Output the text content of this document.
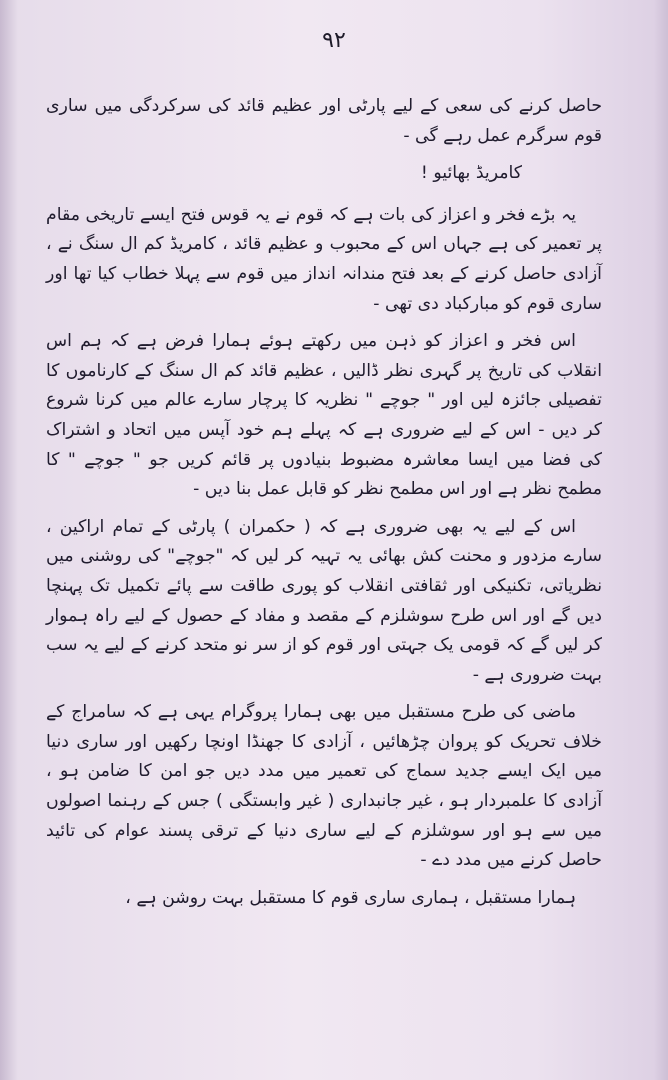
۹۲

حاصل کرنے کی سعی کے لیے پارٹی اور عظیم قائد کی سرکردگی میں ساری قوم سرگرم عمل رہے گی -

کامریڈ بھائیو !

یہ بڑے فخر و اعزاز کی بات ہے کہ قوم نے یہ قوس فتح ایسے تاریخی مقام پر تعمیر کی ہے جہاں اس کے محبوب و عظیم قائد ، کامریڈ کم ال سنگ نے ، آزادی حاصل کرنے کے بعد فتح مندانہ انداز میں قوم سے پہلا خطاب کیا تھا اور ساری قوم کو مبارکباد دی تھی -

اس فخر و اعزاز کو ذہن میں رکھتے ہوئے ہمارا فرض ہے کہ ہم اس انقلاب کی تاریخ پر گہری نظر ڈالیں ، عظیم قائد کم ال سنگ کے کارناموں کا تفصیلی جائزہ لیں اور " جوچے " نظریہ کا پرچار سارے عالم میں کرنا شروع کر دیں - اس کے لیے ضروری ہے کہ پہلے ہم خود آپس میں اتحاد و اشتراک کی فضا میں ایسا معاشرہ مضبوط بنیادوں پر قائم کریں جو " جوچے " کا مطمح نظر ہے اور اس مطمح نظر کو قابل عمل بنا دیں -

اس کے لیے یہ بھی ضروری ہے کہ ( حکمران ) پارٹی کے تمام اراکین ، سارے مزدور و محنت کش بھائی یہ تہیہ کر لیں کہ "جوچے" کی روشنی میں نظریاتی، تکنیکی اور ثقافتی انقلاب کو پوری طاقت سے پائے تکمیل تک پہنچا دیں گے اور اس طرح سوشلزم کے مقصد و مفاد کے حصول کے لیے راہ ہموار کر لیں گے کہ قومی یک جہتی اور قوم کو از سر نو متحد کرنے کے لیے یہ سب بہت ضروری ہے -

ماضی کی طرح مستقبل میں بھی ہمارا پروگرام یہی ہے کہ سامراج کے خلاف تحریک کو پروان چڑھائیں ، آزادی کا جھنڈا اونچا رکھیں اور ساری دنیا میں ایک ایسے جدید سماج کی تعمیر میں مدد دیں جو امن کا ضامن ہو ، آزادی کا علمبردار ہو ، غیر جانبداری ( غیر وابستگی ) جس کے رہنما اصولوں میں سے ہو اور سوشلزم کے لیے ساری دنیا کے ترقی پسند عوام کی تائید حاصل کرنے میں مدد دے -

ہمارا مستقبل ، ہماری ساری قوم کا مستقبل بہت روشن ہے ،
